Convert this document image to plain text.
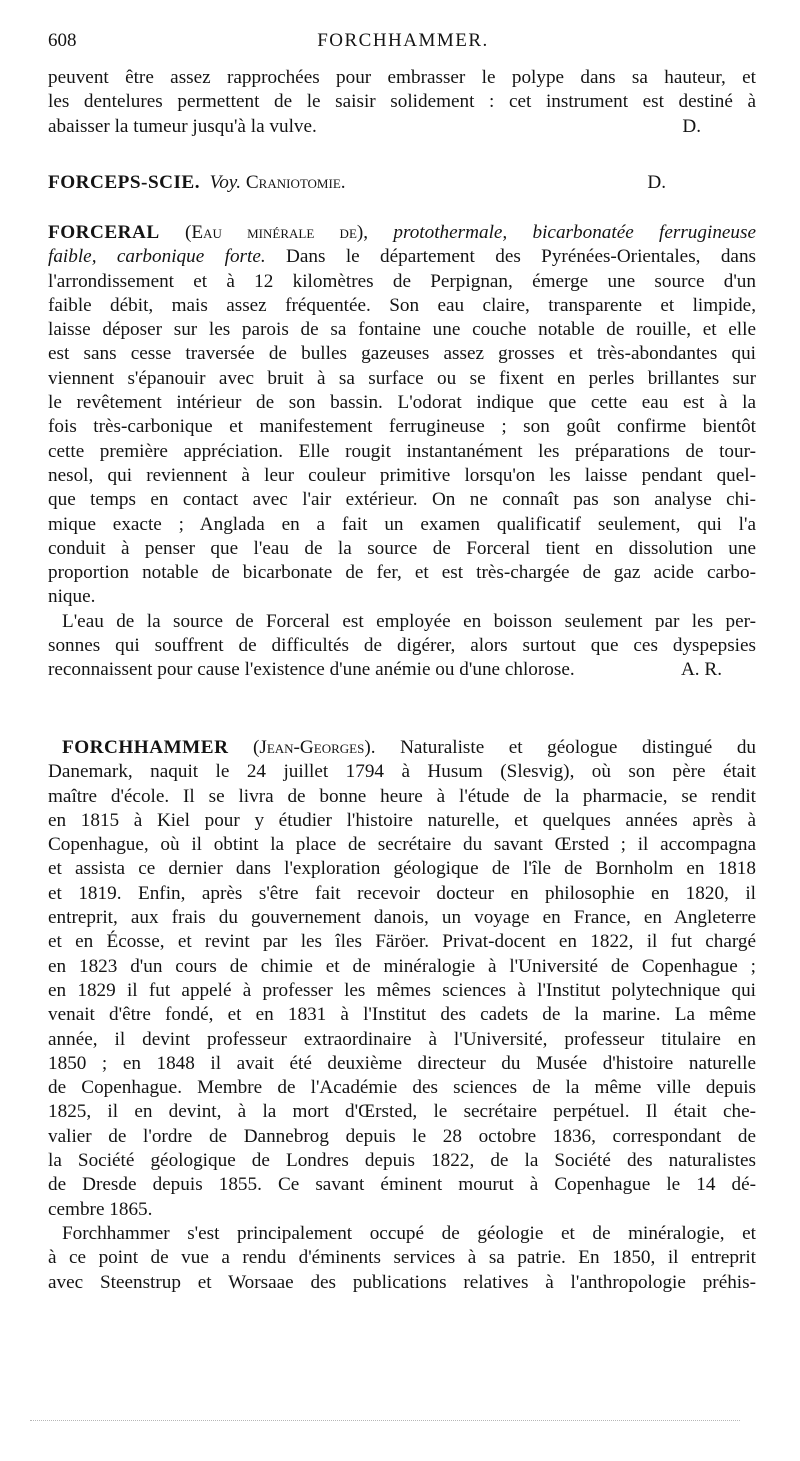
608	FORCHHAMMER.

peuvent être assez rapprochées pour embrasser le polype dans sa hauteur, et

les dentelures permettent de le saisir solidement : cet instrument est destiné à

abaisser la tumeur jusqu'à la vulve.	D.

FORCEPS-SCIE. Voy. Craniotomie.	D.

FORCERAL (Eau minérale de), protothermale, bicarbonatée ferrugineuse

faible, carbonique forte. Dans le département des Pyrénées-Orientales, dans

l'arrondissement et à 12 kilomètres de Perpignan, émerge une source d'un

faible débit, mais assez fréquentée. Son eau claire, transparente et limpide,

laisse déposer sur les parois de sa fontaine une couche notable de rouille, et elle

est sans cesse traversée de bulles gazeuses assez grosses et très-abondantes qui

viennent s'épanouir avec bruit à sa surface ou se fixent en perles brillantes sur

le revêtement intérieur de son bassin. L'odorat indique que cette eau est à la

fois très-carbonique et manifestement ferrugineuse ; son goût confirme bientôt

cette première appréciation. Elle rougit instantanément les préparations de tour-

nesol, qui reviennent à leur couleur primitive lorsqu'on les laisse pendant quel-

que temps en contact avec l'air extérieur. On ne connaît pas son analyse chi-

mique exacte ; Anglada en a fait un examen qualificatif seulement, qui l'a

conduit à penser que l'eau de la source de Forceral tient en dissolution une

proportion notable de bicarbonate de fer, et est très-chargée de gaz acide carbo-

nique.

L'eau de la source de Forceral est employée en boisson seulement par les per-

sonnes qui souffrent de difficultés de digérer, alors surtout que ces dyspepsies

reconnaissent pour cause l'existence d'une anémie ou d'une chlorose.	A. R.

FORCHHAMMER (Jean-Georges). Naturaliste et géologue distingué du

Danemark, naquit le 24 juillet 1794 à Husum (Slesvig), où son père était

maître d'école. Il se livra de bonne heure à l'étude de la pharmacie, se rendit

en 1815 à Kiel pour y étudier l'histoire naturelle, et quelques années après à

Copenhague, où il obtint la place de secrétaire du savant Œrsted ; il accompagna

et assista ce dernier dans l'exploration géologique de l'île de Bornholm en 1818

et 1819. Enfin, après s'être fait recevoir docteur en philosophie en 1820, il

entreprit, aux frais du gouvernement danois, un voyage en France, en Angleterre

et en Écosse, et revint par les îles Färöer. Privat-docent en 1822, il fut chargé

en 1823 d'un cours de chimie et de minéralogie à l'Université de Copenhague ;

en 1829 il fut appelé à professer les mêmes sciences à l'Institut polytechnique qui

venait d'être fondé, et en 1831 à l'Institut des cadets de la marine. La même

année, il devint professeur extraordinaire à l'Université, professeur titulaire en

1850 ; en 1848 il avait été deuxième directeur du Musée d'histoire naturelle

de Copenhague. Membre de l'Académie des sciences de la même ville depuis

1825, il en devint, à la mort d'Œrsted, le secrétaire perpétuel. Il était che-

valier de l'ordre de Dannebrog depuis le 28 octobre 1836, correspondant de

la Société géologique de Londres depuis 1822, de la Société des naturalistes

de Dresde depuis 1855. Ce savant éminent mourut à Copenhague le 14 dé-

cembre 1865.

Forchhammer s'est principalement occupé de géologie et de minéralogie, et

à ce point de vue a rendu d'éminents services à sa patrie. En 1850, il entreprit

avec Steenstrup et Worsaae des publications relatives à l'anthropologie préhis-
